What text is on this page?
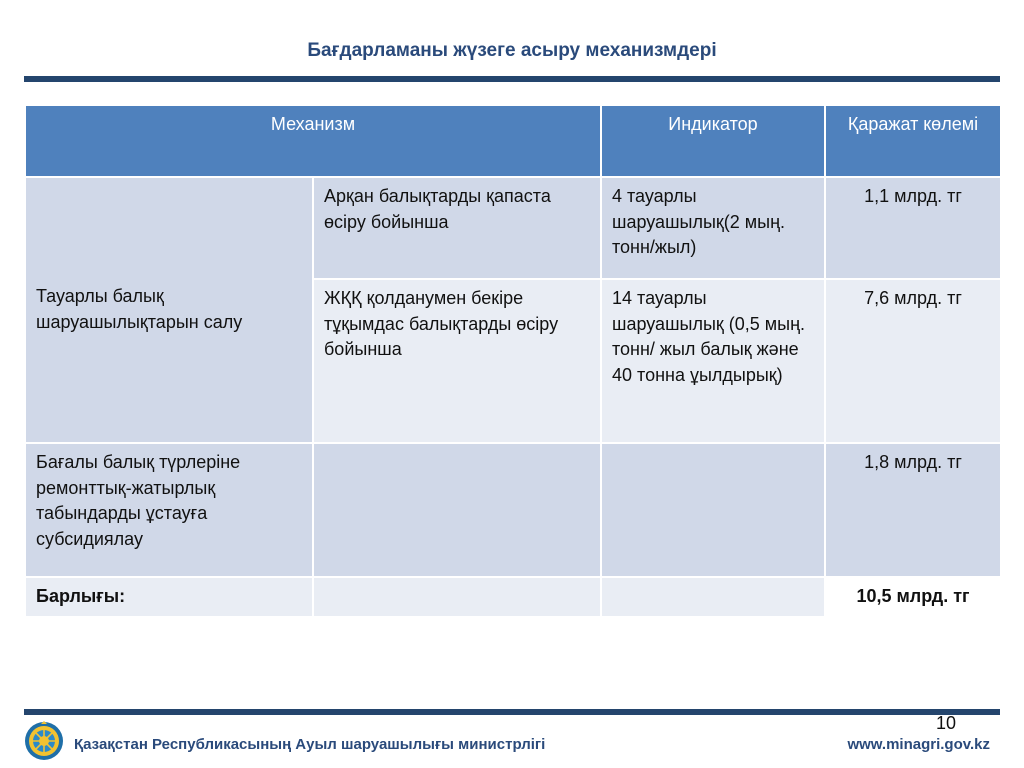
Бағдарламаны жүзеге асыру механизмдері
Механизм		Индикатор	Қаражат көлемі
Тауарлы балық шаруашылықтарын салу	Арқан балықтарды қапаста өсіру бойынша	4 тауарлы шаруашылық(2 мың. тонн/жыл)	1,1 млрд. тг
	ЖҚҚ қолданумен бекіре тұқымдас балықтарды өсіру бойынша	14 тауарлы шаруашылық (0,5 мың. тонн/ жыл балық және 40 тонна ұылдырық)	7,6 млрд. тг
Бағалы балық түрлеріне ремонттық-жатырлық табындарды ұстауға субсидиялау			1,8 млрд. тг
Барлығы:			10,5 млрд. тг
10
Қазақстан Республикасының Ауыл шаруашылығы министрлігі	www.minagri.gov.kz
